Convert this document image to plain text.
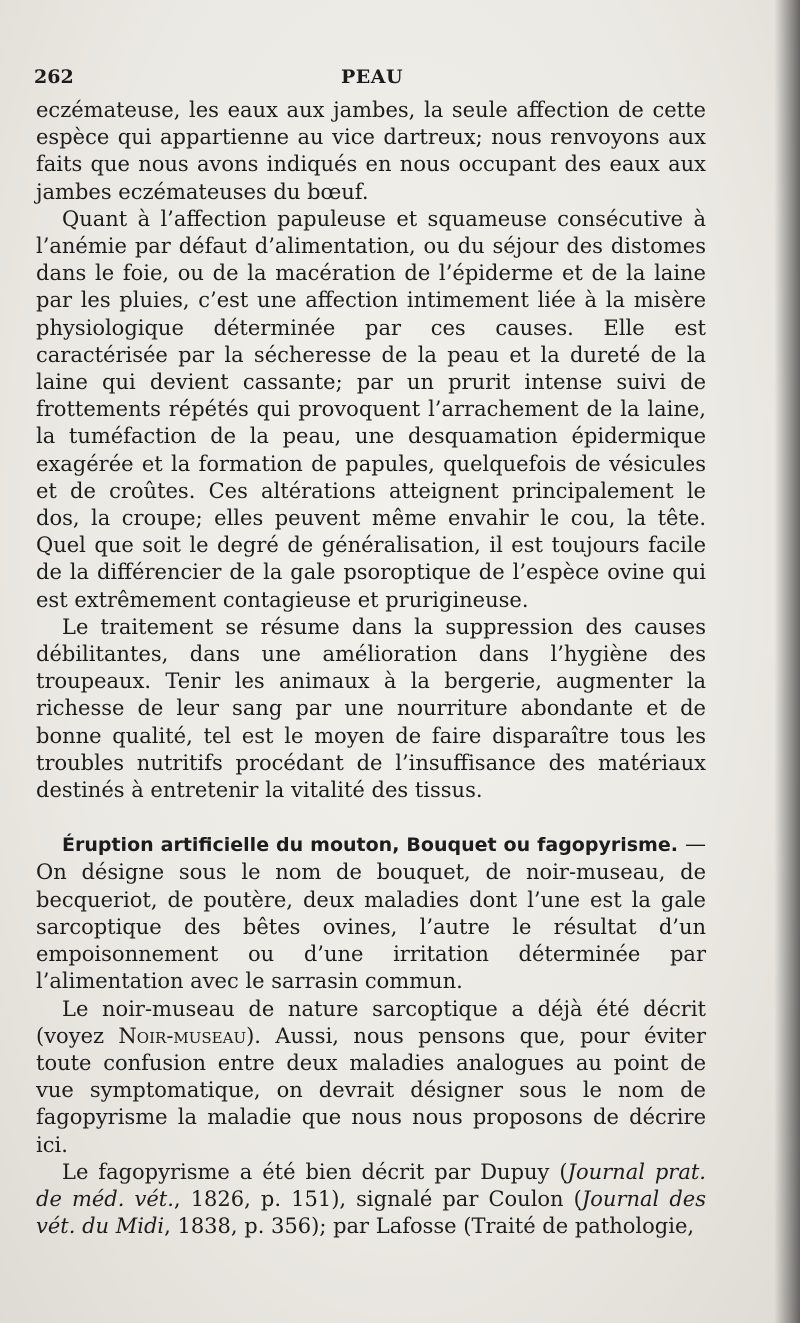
262	PEAU

eczémateuse, les eaux aux jambes, la seule affection de cette espèce qui appartienne au vice dartreux; nous renvoyons aux faits que nous avons indiqués en nous occupant des eaux aux jambes eczémateuses du bœuf.

Quant à l’affection papuleuse et squameuse consécutive à l’anémie par défaut d’alimentation, ou du séjour des distomes dans le foie, ou de la macération de l’épiderme et de la laine par les pluies, c’est une affection intimement liée à la misère physiologique déterminée par ces causes. Elle est caractérisée par la sécheresse de la peau et la dureté de la laine qui devient cassante; par un prurit intense suivi de frottements répétés qui provoquent l’arrachement de la laine, la tuméfaction de la peau, une desquamation épidermique exagérée et la formation de papules, quelquefois de vésicules et de croûtes. Ces altérations atteignent principalement le dos, la croupe; elles peuvent même envahir le cou, la tête. Quel que soit le degré de généralisation, il est toujours facile de la différencier de la gale psoroptique de l’espèce ovine qui est extrêmement contagieuse et prurigineuse.

Le traitement se résume dans la suppression des causes débilitantes, dans une amélioration dans l’hygiène des troupeaux. Tenir les animaux à la bergerie, augmenter la richesse de leur sang par une nourriture abondante et de bonne qualité, tel est le moyen de faire disparaître tous les troubles nutritifs procédant de l’insuffisance des matériaux destinés à entretenir la vitalité des tissus.

Éruption artificielle du mouton, Bouquet ou fagopyrisme. — On désigne sous le nom de bouquet, de noir-museau, de becqueriot, de poutère, deux maladies dont l’une est la gale sarcoptique des bêtes ovines, l’autre le résultat d’un empoisonnement ou d’une irritation déterminée par l’alimentation avec le sarrasin commun.

Le noir-museau de nature sarcoptique a déjà été décrit (voyez Noir-museau). Aussi, nous pensons que, pour éviter toute confusion entre deux maladies analogues au point de vue symptomatique, on devrait désigner sous le nom de fagopyrisme la maladie que nous nous proposons de décrire ici.

Le fagopyrisme a été bien décrit par Dupuy (Journal prat. de méd. vét., 1826, p. 151), signalé par Coulon (Journal des vét. du Midi, 1838, p. 356); par Lafosse (Traité de pathologie,
